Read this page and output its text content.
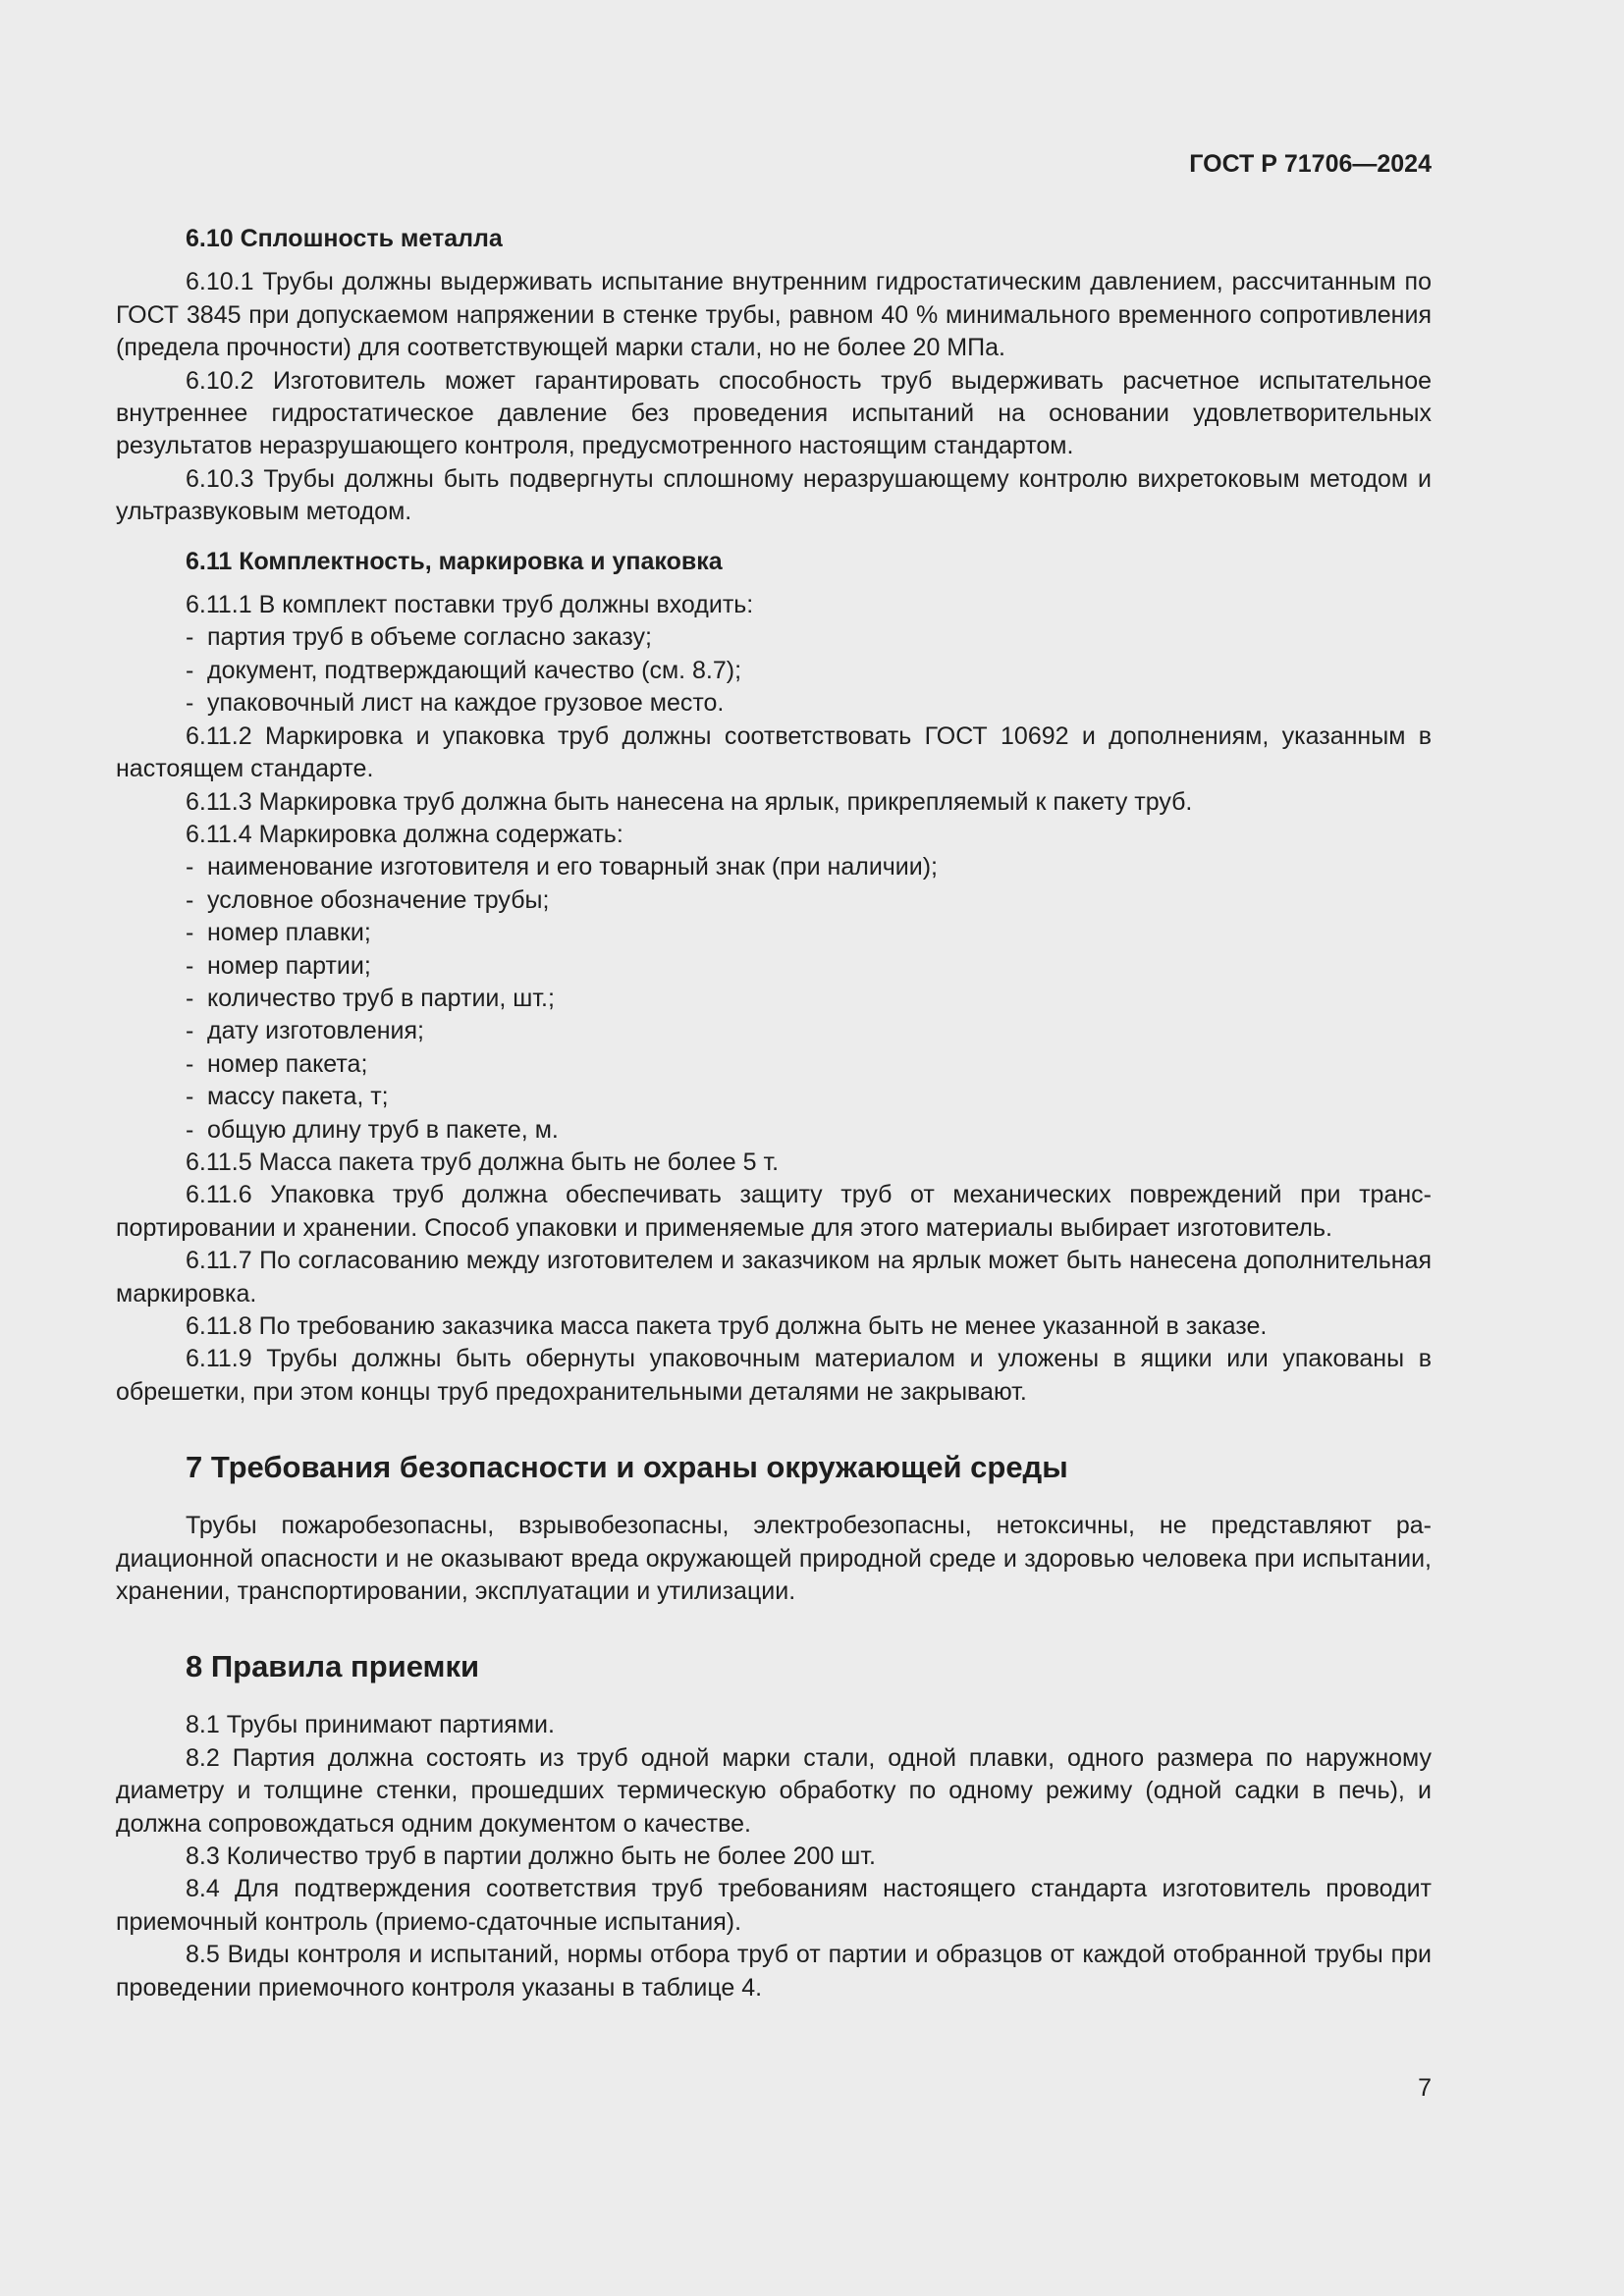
ГОСТ Р 71706—2024
6.10 Сплошность металла

6.10.1 Трубы должны выдерживать испытание внутренним гидростатическим давлением, рассчитанным по ГОСТ 3845 при допускаемом напряжении в стенке трубы, равном 40 % минимального временного сопротивления (предела прочности) для соответствующей марки стали, но не более 20 МПа.

6.10.2 Изготовитель может гарантировать способность труб выдерживать расчетное испытательное внутреннее гидростатическое давление без проведения испытаний на основании удовлетворительных результатов неразрушающего контроля, предусмотренного настоящим стандартом.

6.10.3 Трубы должны быть подвергнуты сплошному неразрушающему контролю вихретоковым методом и ультразвуковым методом.

6.11 Комплектность, маркировка и упаковка

6.11.1 В комплект поставки труб должны входить:

- партия труб в объеме согласно заказу;
- документ, подтверждающий качество (см. 8.7);
- упаковочный лист на каждое грузовое место.

6.11.2 Маркировка и упаковка труб должны соответствовать ГОСТ 10692 и дополнениям, указанным в настоящем стандарте.

6.11.3 Маркировка труб должна быть нанесена на ярлык, прикрепляемый к пакету труб.

6.11.4 Маркировка должна содержать:

- наименование изготовителя и его товарный знак (при наличии);
- условное обозначение трубы;
- номер плавки;
- номер партии;
- количество труб в партии, шт.;
- дату изготовления;
- номер пакета;
- массу пакета, т;
- общую длину труб в пакете, м.

6.11.5 Масса пакета труб должна быть не более 5 т.

6.11.6 Упаковка труб должна обеспечивать защиту труб от механических повреждений при транспортировании и хранении. Способ упаковки и применяемые для этого материалы выбирает изготовитель.

6.11.7 По согласованию между изготовителем и заказчиком на ярлык может быть нанесена дополнительная маркировка.

6.11.8 По требованию заказчика масса пакета труб должна быть не менее указанной в заказе.

6.11.9 Трубы должны быть обернуты упаковочным материалом и уложены в ящики или упакованы в обрешетки, при этом концы труб предохранительными деталями не закрывают.

7 Требования безопасности и охраны окружающей среды

Трубы пожаробезопасны, взрывобезопасны, электробезопасны, нетоксичны, не представляют радиационной опасности и не оказывают вреда окружающей природной среде и здоровью человека при испытании, хранении, транспортировании, эксплуатации и утилизации.

8 Правила приемки

8.1 Трубы принимают партиями.

8.2 Партия должна состоять из труб одной марки стали, одной плавки, одного размера по наружному диаметру и толщине стенки, прошедших термическую обработку по одному режиму (одной садки в печь), и должна сопровождаться одним документом о качестве.

8.3 Количество труб в партии должно быть не более 200 шт.

8.4 Для подтверждения соответствия труб требованиям настоящего стандарта изготовитель проводит приемочный контроль (приемо-сдаточные испытания).

8.5 Виды контроля и испытаний, нормы отбора труб от партии и образцов от каждой отобранной трубы при проведении приемочного контроля указаны в таблице 4.

7
